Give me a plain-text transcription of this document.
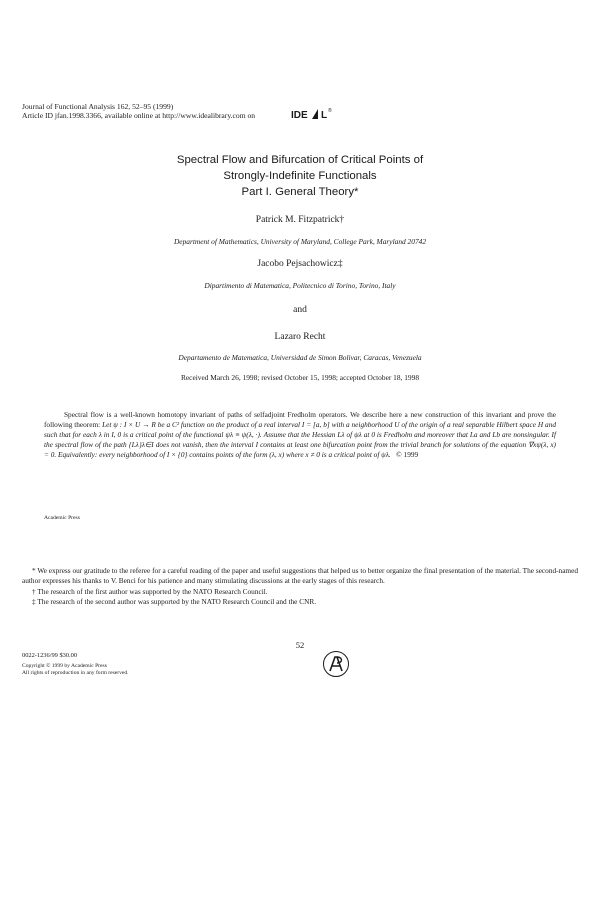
Journal of Functional Analysis 162, 52–95 (1999)
Article ID jfan.1998.3366, available online at http://www.idealibrary.com on	IDE L ®
Spectral Flow and Bifurcation of Critical Points of
Strongly-Indefinite Functionals
Part I. General Theory*
Patrick M. Fitzpatrick†
Department of Mathematics, University of Maryland, College Park, Maryland 20742
Jacobo Pejsachowicz‡
Dipartimento di Matematica, Politecnico di Torino, Torino, Italy
and
Lazaro Recht
Departamento de Matematica, Universidad de Simon Bolivar, Caracas, Venezuela
Received March 26, 1998; revised October 15, 1998; accepted October 18, 1998

Spectral flow is a well-known homotopy invariant of paths of selfadjoint Fredholm operators. We describe here a new construction of this invariant and prove the following theorem: Let ψ : I × U → R be a C² function on the product of a real interval I = [a, b] with a neighborhood U of the origin of a real separable Hilbert space H and such that for each λ in I, 0 is a critical point of the functional ψλ ≡ ψ(λ, ·). Assume that the Hessian Lλ of ψλ at 0 is Fredholm and moreover that La and Lb are nonsingular. If the spectral flow of the path {Lλ}λ∈I does not vanish, then the interval I contains at least one bifurcation point from the trivial branch for solutions of the equation ∇xψ(λ, x) = 0. Equivalently: every neighborhood of I × {0} contains points of the form (λ, x) where x ≠ 0 is a critical point of ψλ. © 1999

Academic Press

* We express our gratitude to the referee for a careful reading of the paper and useful suggestions that helped us to better organize the final presentation of the material. The second-named author expresses his thanks to V. Benci for his patience and many stimulating discussions at the early stages of this research.

† The research of the first author was supported by the NATO Research Council.

‡ The research of the second author was supported by the NATO Research Council and the CNR.

52
0022-1236/99 $30.00
Copyright © 1999 by Academic Press
All rights of reproduction in any form reserved.
